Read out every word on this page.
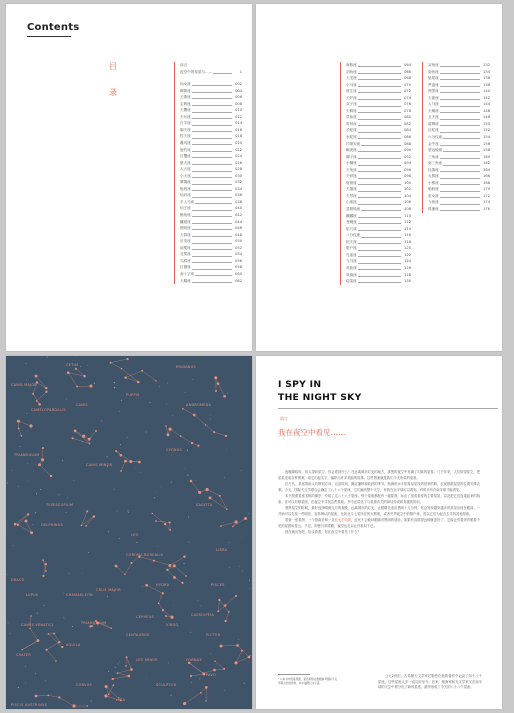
Contents
目
录
前言
夜空中的星星与……	1
仙女座	002
唧筒座	004
天燕座	006
宝瓶座	008
天鹰座	010
天坛座	012
白羊座	014
御夫座	016
牧夫座	018
雕具座	020
鹿豹座	022
巨蟹座	024
猎犬座	026
大犬座	028
小犬座	030
摩羯座	032
船底座	034
仙后座	036
半人马座	038
仙王座	040
鲸鱼座	042
蝘蜓座	044
圆规座	046
天鸽座	048
后发座	050
南冕座	052
北冕座	054
乌鸦座	056
巨爵座	058
南十字座	060
天鹅座	062
海豚座	064
剑鱼座	066
天龙座	068
小马座	070
波江座	072
天炉座	074
双子座	076
天鹤座	078
武仙座	080
时钟座	082
长蛇座	084
水蛇座	086
印第安座	088
蝎虎座	090
狮子座	092
小狮座	094
天兔座	096
天秤座	098
豺狼座	100
天猫座	102
天琴座	104
山案座	106
显微镜座	108
麒麟座	110
苍蝇座	112
矩尺座	114
八分仪座	116
蛇夫座	118
猎户座	120
孔雀座	122
飞马座	124
英仙座	126
凤凰座	128
绘架座	130
双鱼座	132
南鱼座	134
船尾座	136
罗盘座	138
网罟座	140
天箭座	142
人马座	144
天蝎座	146
玉夫座	148
盾牌座	150
巨蛇座	152
六分仪座	154
金牛座	156
望远镜座	158
三角座	160
南三角座	162
杜鹃座	164
大熊座	166
小熊座	168
船帆座	170
室女座	172
飞鱼座	174
狐狸座	176
CETUS	ERIDANUS
CANIS MAJOR
PUPPIS
ANDROMEDA
CANIS
CAMELOPARDALIS
TRIANGULUM
TELESCOPIUM
CANIS MINOR
CYGNUS
SAGITTA
DELPHINUS
CORONA BOREALIS
LIBRA
LEO
LUPUS
DRACO
HYDRA
CRUX MAJOR
CHAMAELEON
PISCES
CASSIOPEIA
CEPHEUS
CENTAURUS
CANES VENATICI	TRIANGULUM
CRATER
LEO MINOR
SCULPTOR
CORVUS
PAVO
FORNAX
LYRA
PICTOR
PISCIS AUSTRINUS
AQUILA
VIRGO
I SPY IN
THE NIGHT SKY
前言
我在夜空中看见……

夜晚降临时，抬头望向星空，你会看到什么？在远离城市灯光的地方，漆黑的夜空中布满了闪烁的星星。几千年来，人们仰望星空，把星星连成各种图案，给它们起名字，编织出许多美丽的故事。这些图案就是我们今天所说的星座。

在古代，星座帮助人们辨别方向、记录时间、确定播种和收获的季节。航海的水手依靠星星找到回家的路，农民根据星星的位置安排农事。今天，国际天文学联合会确定了八十八个星座，它们遍布整个天空，有的在北半球可以看到，有的只有在南半球才能看见。

本书按照星座名称的顺序，介绍了这八十八个星座。每个星座都配有一幅星图，标出了组成星座的主要星星，以及把它们连接起来的线条。你可以对照星图，在夜空中寻找这些星座。书中还讲述了与星座有关的神话传说和有趣的知识。

观察星空的时候，最好选择晴朗无月的夜晚，远离城市的灯光。让眼睛先适应黑暗十几分钟，你会发现越来越多的星星出现在眼前。一开始可以先找一些明亮、容易辨认的星座，比如北斗七星所在的大熊座，或者冬季夜空中的猎户座，再以它们为起点去寻找其他星座。

准备一张星图、一个指南针和一支红光手电筒，红光不会破坏眼睛对黑暗的适应。如果有双筒望远镜就更好了，它能让你看到肉眼看不见的星团和星云。不过，即使只用眼睛，夜空也足以让你惊叹不已。

现在就出发吧，抬头看看，你在夜空中看见了什么？

* 1.本书中的星座图、星名和相关数据参考国际天文学联合会的资料，书中插图仅为示意。
公元2世纪，古希腊天文学家托勒密在他的著作中记录了四十八个星座，这些星座大多一直沿用至今。后来，航海家和天文学家又在南半球的天空中划分出了新的星座，最终形成了今天的八十八个星座。
